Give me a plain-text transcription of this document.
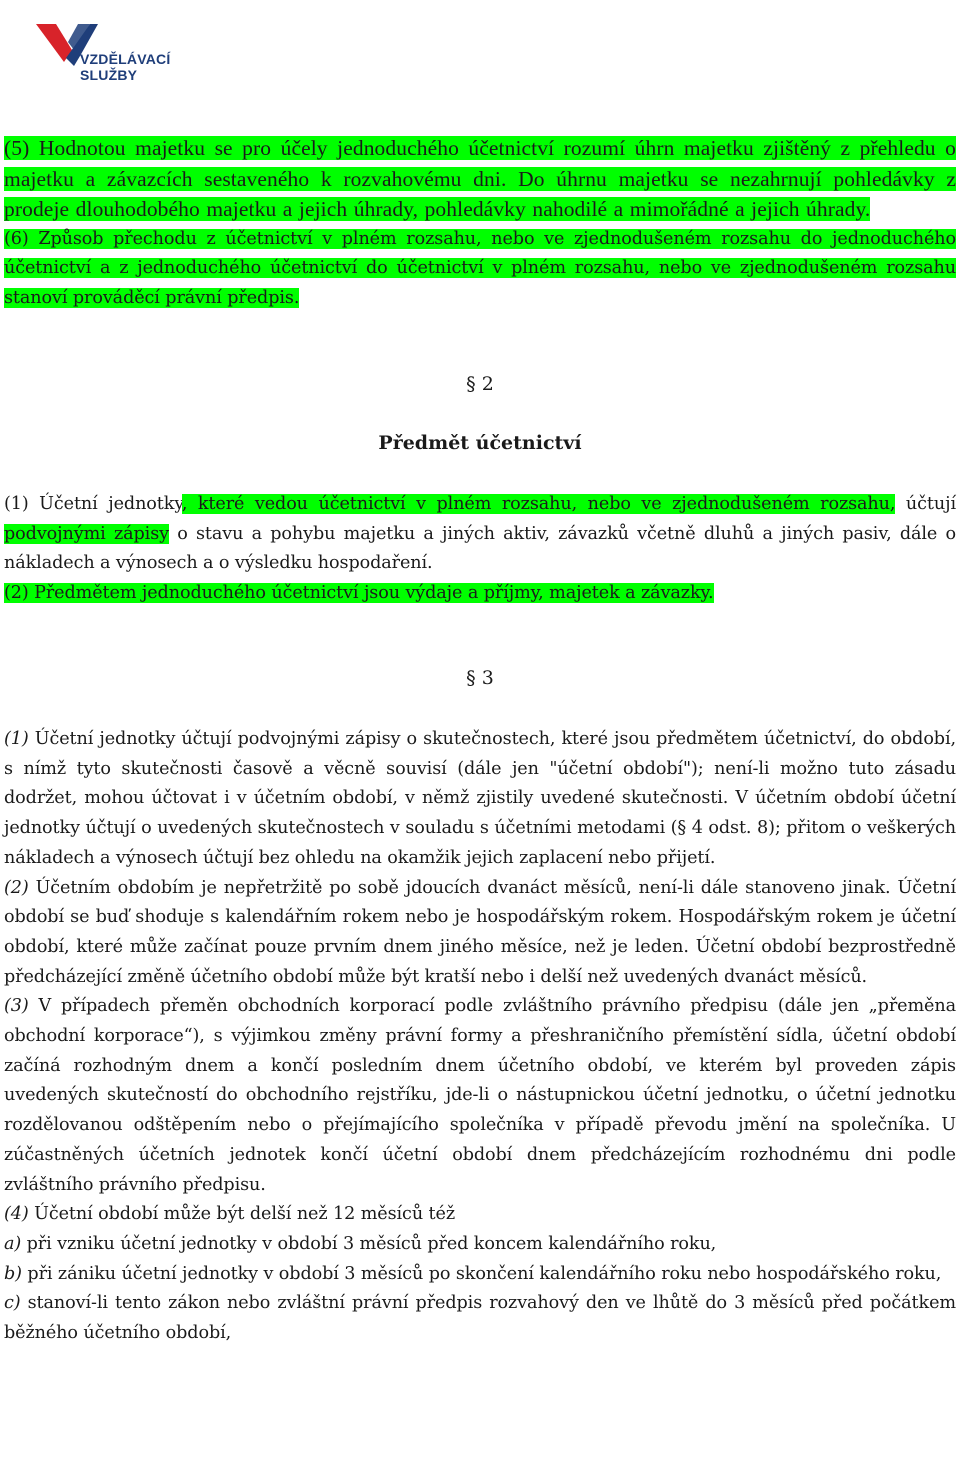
VZDĚLÁVACÍ
SLUŽBY

(5) Hodnotou majetku se pro účely jednoduchého účetnictví rozumí úhrn majetku zjištěný z přehledu o majetku a závazcích sestaveného k rozvahovému dni. Do úhrnu majetku se nezahrnují pohledávky z prodeje dlouhodobého majetku a jejich úhrady, pohledávky nahodilé a mimořádné a jejich úhrady.

(6) Způsob přechodu z účetnictví v plném rozsahu, nebo ve zjednodušeném rozsahu do jednoduchého účetnictví a z jednoduchého účetnictví do účetnictví v plném rozsahu, nebo ve zjednodušeném rozsahu stanoví prováděcí právní předpis.

§ 2

Předmět účetnictví

(1) Účetní jednotky, které vedou účetnictví v plném rozsahu, nebo ve zjednodušeném rozsahu, účtují podvojnými zápisy o stavu a pohybu majetku a jiných aktiv, závazků včetně dluhů a jiných pasiv, dále o nákladech a výnosech a o výsledku hospodaření.

(2) Předmětem jednoduchého účetnictví jsou výdaje a příjmy, majetek a závazky.

§ 3

(1) Účetní jednotky účtují podvojnými zápisy o skutečnostech, které jsou předmětem účetnictví, do období, s nímž tyto skutečnosti časově a věcně souvisí (dále jen "účetní období"); není-li možno tuto zásadu dodržet, mohou účtovat i v účetním období, v němž zjistily uvedené skutečnosti. V účetním období účetní jednotky účtují o uvedených skutečnostech v souladu s účetními metodami (§ 4 odst. 8); přitom o veškerých nákladech a výnosech účtují bez ohledu na okamžik jejich zaplacení nebo přijetí.

(2) Účetním obdobím je nepřetržitě po sobě jdoucích dvanáct měsíců, není-li dále stanoveno jinak. Účetní období se buď shoduje s kalendářním rokem nebo je hospodářským rokem. Hospodářským rokem je účetní období, které může začínat pouze prvním dnem jiného měsíce, než je leden. Účetní období bezprostředně předcházející změně účetního období může být kratší nebo i delší než uvedených dvanáct měsíců.

(3) V případech přeměn obchodních korporací podle zvláštního právního předpisu (dále jen „přeměna obchodní korporace“), s výjimkou změny právní formy a přeshraničního přemístění sídla, účetní období začíná rozhodným dnem a končí posledním dnem účetního období, ve kterém byl proveden zápis uvedených skutečností do obchodního rejstříku, jde-li o nástupnickou účetní jednotku, o účetní jednotku rozdělovanou odštěpením nebo o přejímajícího společníka v případě převodu jmění na společníka. U zúčastněných účetních jednotek končí účetní období dnem předcházejícím rozhodnému dni podle zvláštního právního předpisu.

(4) Účetní období může být delší než 12 měsíců též

a) při vzniku účetní jednotky v období 3 měsíců před koncem kalendářního roku,

b) při zániku účetní jednotky v období 3 měsíců po skončení kalendářního roku nebo hospodářského roku,

c) stanoví-li tento zákon nebo zvláštní právní předpis rozvahový den ve lhůtě do 3 měsíců před počátkem běžného účetního období,
